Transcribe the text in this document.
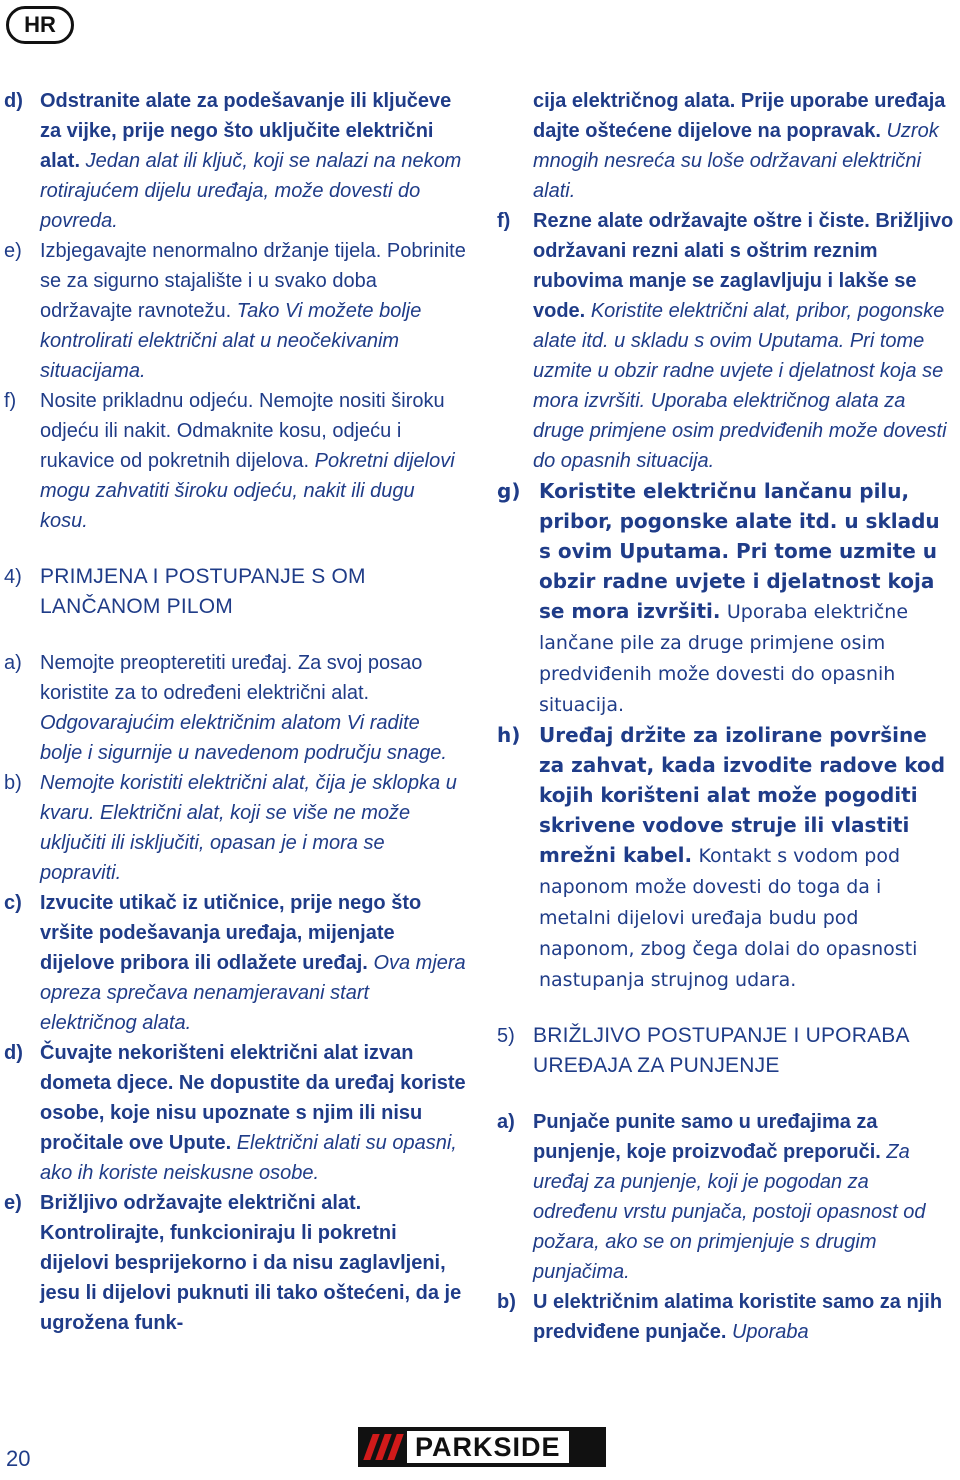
HR
d) Odstranite alate za podešavanje ili ključeve za vijke, prije nego što uključite električni alat. Jedan alat ili ključ, koji se nalazi na nekom rotirajućem dijelu uređaja, može dovesti do povreda.
e) Izbjegavajte nenormalno držanje tijela. Pobrinite se za sigurno stajalište i u svako doba održavajte ravnotežu. Tako Vi možete bolje kontrolirati električni alat u neočekivanim situacijama.
f)	Nosite prikladnu odjeću. Nemojte nositi široku odjeću ili nakit. Odmaknite kosu, odjeću i rukavice od pokretnih dijelova. Pokretni dijelovi mogu zahvatiti široku odjeću, nakit ili dugu kosu.
4) PRIMJENA I POSTUPANJE S OM LANČANOM PILOM
a) Nemojte preopteretiti uređaj. Za svoj posao koristite za to određeni električni alat. Odgovarajućim električnim alatom Vi radite bolje i sigurnije u navedenom području snage.
b) Nemojte koristiti električni alat, čija je sklopka u kvaru. Električni alat, koji se više ne može uključiti ili isključiti, opasan je i mora se popraviti.
c) Izvucite utikač iz utičnice, prije nego što vršite podešavanja uređaja, mijenjate dijelove pribora ili odlažete uređaj. Ova mjera opreza sprečava nenamjeravani start električnog alata.
d) Čuvajte nekorišteni električni alat izvan dometa djece. Ne dopustite da uređaj koriste osobe, koje nisu upoznate s njim ili nisu pročitale ove Upute. Električni alati su opasni, ako ih koriste neiskusne osobe.
e) Brižljivo održavajte električni alat. Kontrolirajte, funkcioniraju li pokretni dijelovi besprijekorno i da nisu zaglavljeni, jesu li dijelovi puknuti ili tako oštećeni, da je ugrožena funk-
cija električnog alata. Prije uporabe uređaja dajte oštećene dijelove na popravak. Uzrok mnogih nesreća su loše održavani električni alati.
f)	Rezne alate održavajte oštre i čiste. Brižljivo održavani rezni alati s oštrim reznim rubovima manje se zaglavljuju i lakše se vode. Koristite električni alat, pribor, pogonske alate itd. u skladu s ovim Uputama. Pri tome uzmite u obzir radne uvjete i djelatnost koja se mora izvršiti. Uporaba električnog alata za druge primjene osim predviđenih može dovesti do opasnih situacija.
g) Koristite električnu lančanu pilu, pribor, pogonske alate itd. u skladu s ovim Uputama. Pri tome uzmite u obzir radne uvjete i djelatnost koja se mora izvršiti. Uporaba električne lančane pile za druge primjene osim predviđenih može dovesti do opasnih situacija.
h) Uređaj držite za izolirane površine za zahvat, kada izvodite radove kod kojih korišteni alat može pogoditi skrivene vodove struje ili vlastiti mrežni kabel. Kontakt s vodom pod naponom može dovesti do toga da i metalni dijelovi uređaja budu pod naponom, zbog čega dolai do opasnosti nastupanja strujnog udara.
5) BRIŽLJIVO POSTUPANJE I UPORABA UREĐAJA ZA PUNJENJE
a) Punjače punite samo u uređajima za punjenje, koje proizvođač preporuči. Za uređaj za punjenje, koji je pogodan za određenu vrstu punjača, postoji opasnost od požara, ako se on primjenjuje s drugim punjačima.
b) U električnim alatima koristite samo za njih predviđene punjače. Uporaba
20	PARKSIDE
